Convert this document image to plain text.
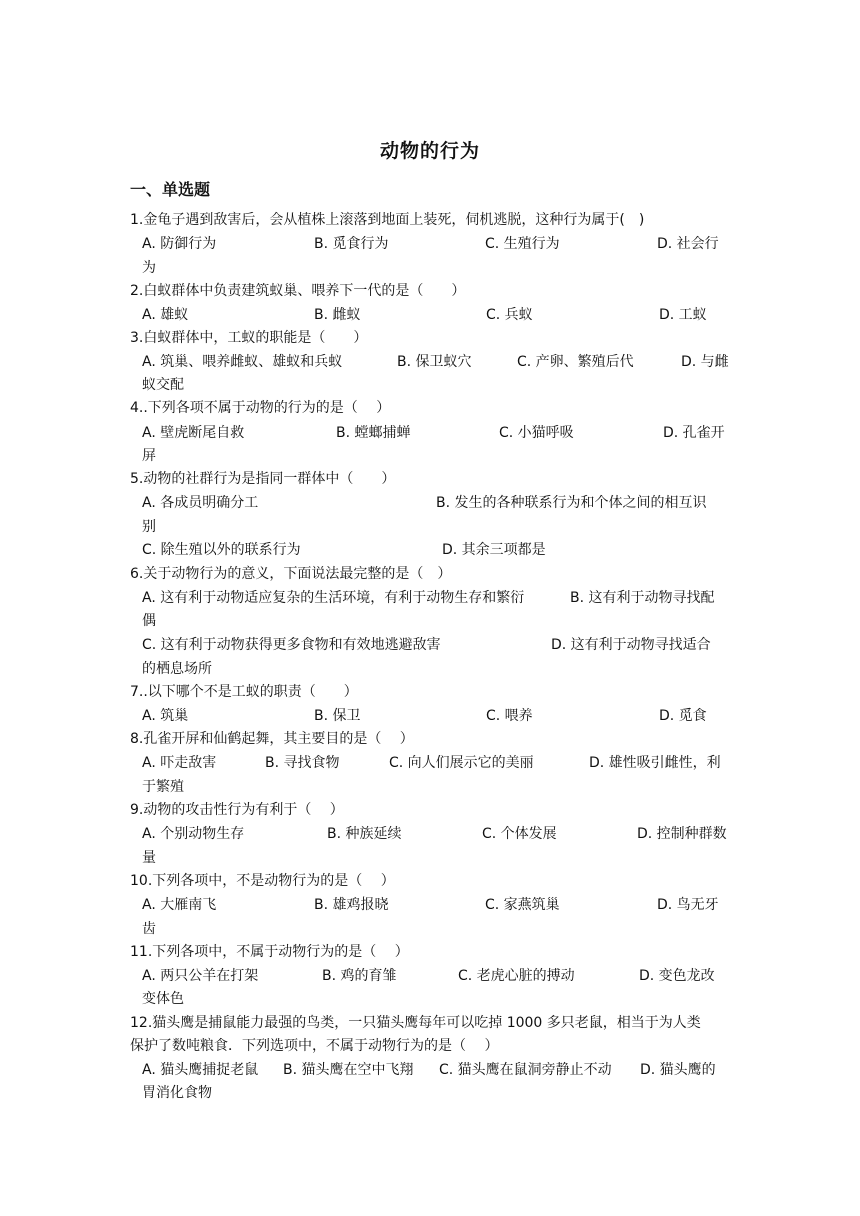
动物的行为
一、单选题
1.金龟子遇到敌害后，会从植株上滚落到地面上装死，伺机逃脱，这种行为属于(　)
A. 防御行为	B. 觅食行为	C. 生殖行为	D. 社会行
为
2.白蚁群体中负责建筑蚁巢、喂养下一代的是（　　）
A. 雄蚁	B. 雌蚁	C. 兵蚁	D. 工蚁
3.白蚁群体中，工蚁的职能是（　　）
A. 筑巢、喂养雌蚁、雄蚁和兵蚁	B. 保卫蚁穴	C. 产卵、繁殖后代	D. 与雌
蚁交配
4..下列各项不属于动物的行为的是（　 ）
A. 壁虎断尾自救	B. 螳螂捕蝉	C. 小猫呼吸	D. 孔雀开
屏
5.动物的社群行为是指同一群体中（　　）
A. 各成员明确分工	B. 发生的各种联系行为和个体之间的相互识
别
C. 除生殖以外的联系行为	D. 其余三项都是
6.关于动物行为的意义，下面说法最完整的是（　）
A. 这有利于动物适应复杂的生活环境，有利于动物生存和繁衍	B. 这有利于动物寻找配
偶
C. 这有利于动物获得更多食物和有效地逃避敌害	D. 这有利于动物寻找适合
的栖息场所
7..以下哪个不是工蚁的职责（　　）
A. 筑巢	B. 保卫	C. 喂养	D. 觅食
8.孔雀开屏和仙鹤起舞，其主要目的是（　 ）
A. 吓走敌害	B. 寻找食物	C. 向人们展示它的美丽	D. 雄性吸引雌性，利
于繁殖
9.动物的攻击性行为有利于（　 ）
A. 个别动物生存	B. 种族延续	C. 个体发展	D. 控制种群数
量
10.下列各项中，不是动物行为的是（　 ）
A. 大雁南飞	B. 雄鸡报晓	C. 家燕筑巢	D. 鸟无牙
齿
11.下列各项中，不属于动物行为的是（　 ）
A. 两只公羊在打架	B. 鸡的育雏	C. 老虎心脏的搏动	D. 变色龙改
变体色
12.猫头鹰是捕鼠能力最强的鸟类，一只猫头鹰每年可以吃掉 1000 多只老鼠，相当于为人类
保护了数吨粮食．下列选项中，不属于动物行为的是（　 ）
A. 猫头鹰捕捉老鼠 B. 猫头鹰在空中飞翔 C. 猫头鹰在鼠洞旁静止不动 D. 猫头鹰的
胃消化食物
